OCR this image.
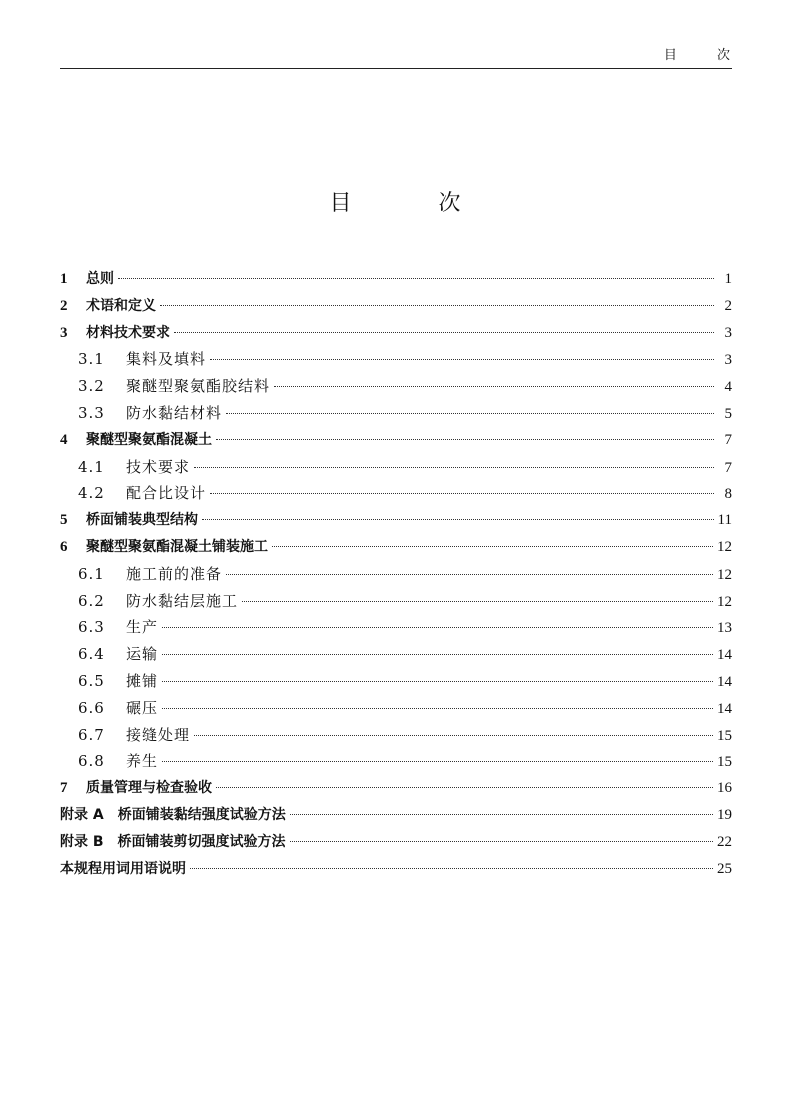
目 次
目 次
1	总则	1
2	术语和定义	2
3	材料技术要求	3
3.1	集料及填料	3
3.2	聚醚型聚氨酯胶结料	4
3.3	防水黏结材料	5
4	聚醚型聚氨酯混凝土	7
4.1	技术要求	7
4.2	配合比设计	8
5	桥面铺装典型结构	11
6	聚醚型聚氨酯混凝土铺装施工	12
6.1	施工前的准备	12
6.2	防水黏结层施工	12
6.3	生产	13
6.4	运输	14
6.5	摊铺	14
6.6	碾压	14
6.7	接缝处理	15
6.8	养生	15
7	质量管理与检查验收	16
附录 A 桥面铺装黏结强度试验方法	19
附录 B 桥面铺装剪切强度试验方法	22
本规程用词用语说明	25
